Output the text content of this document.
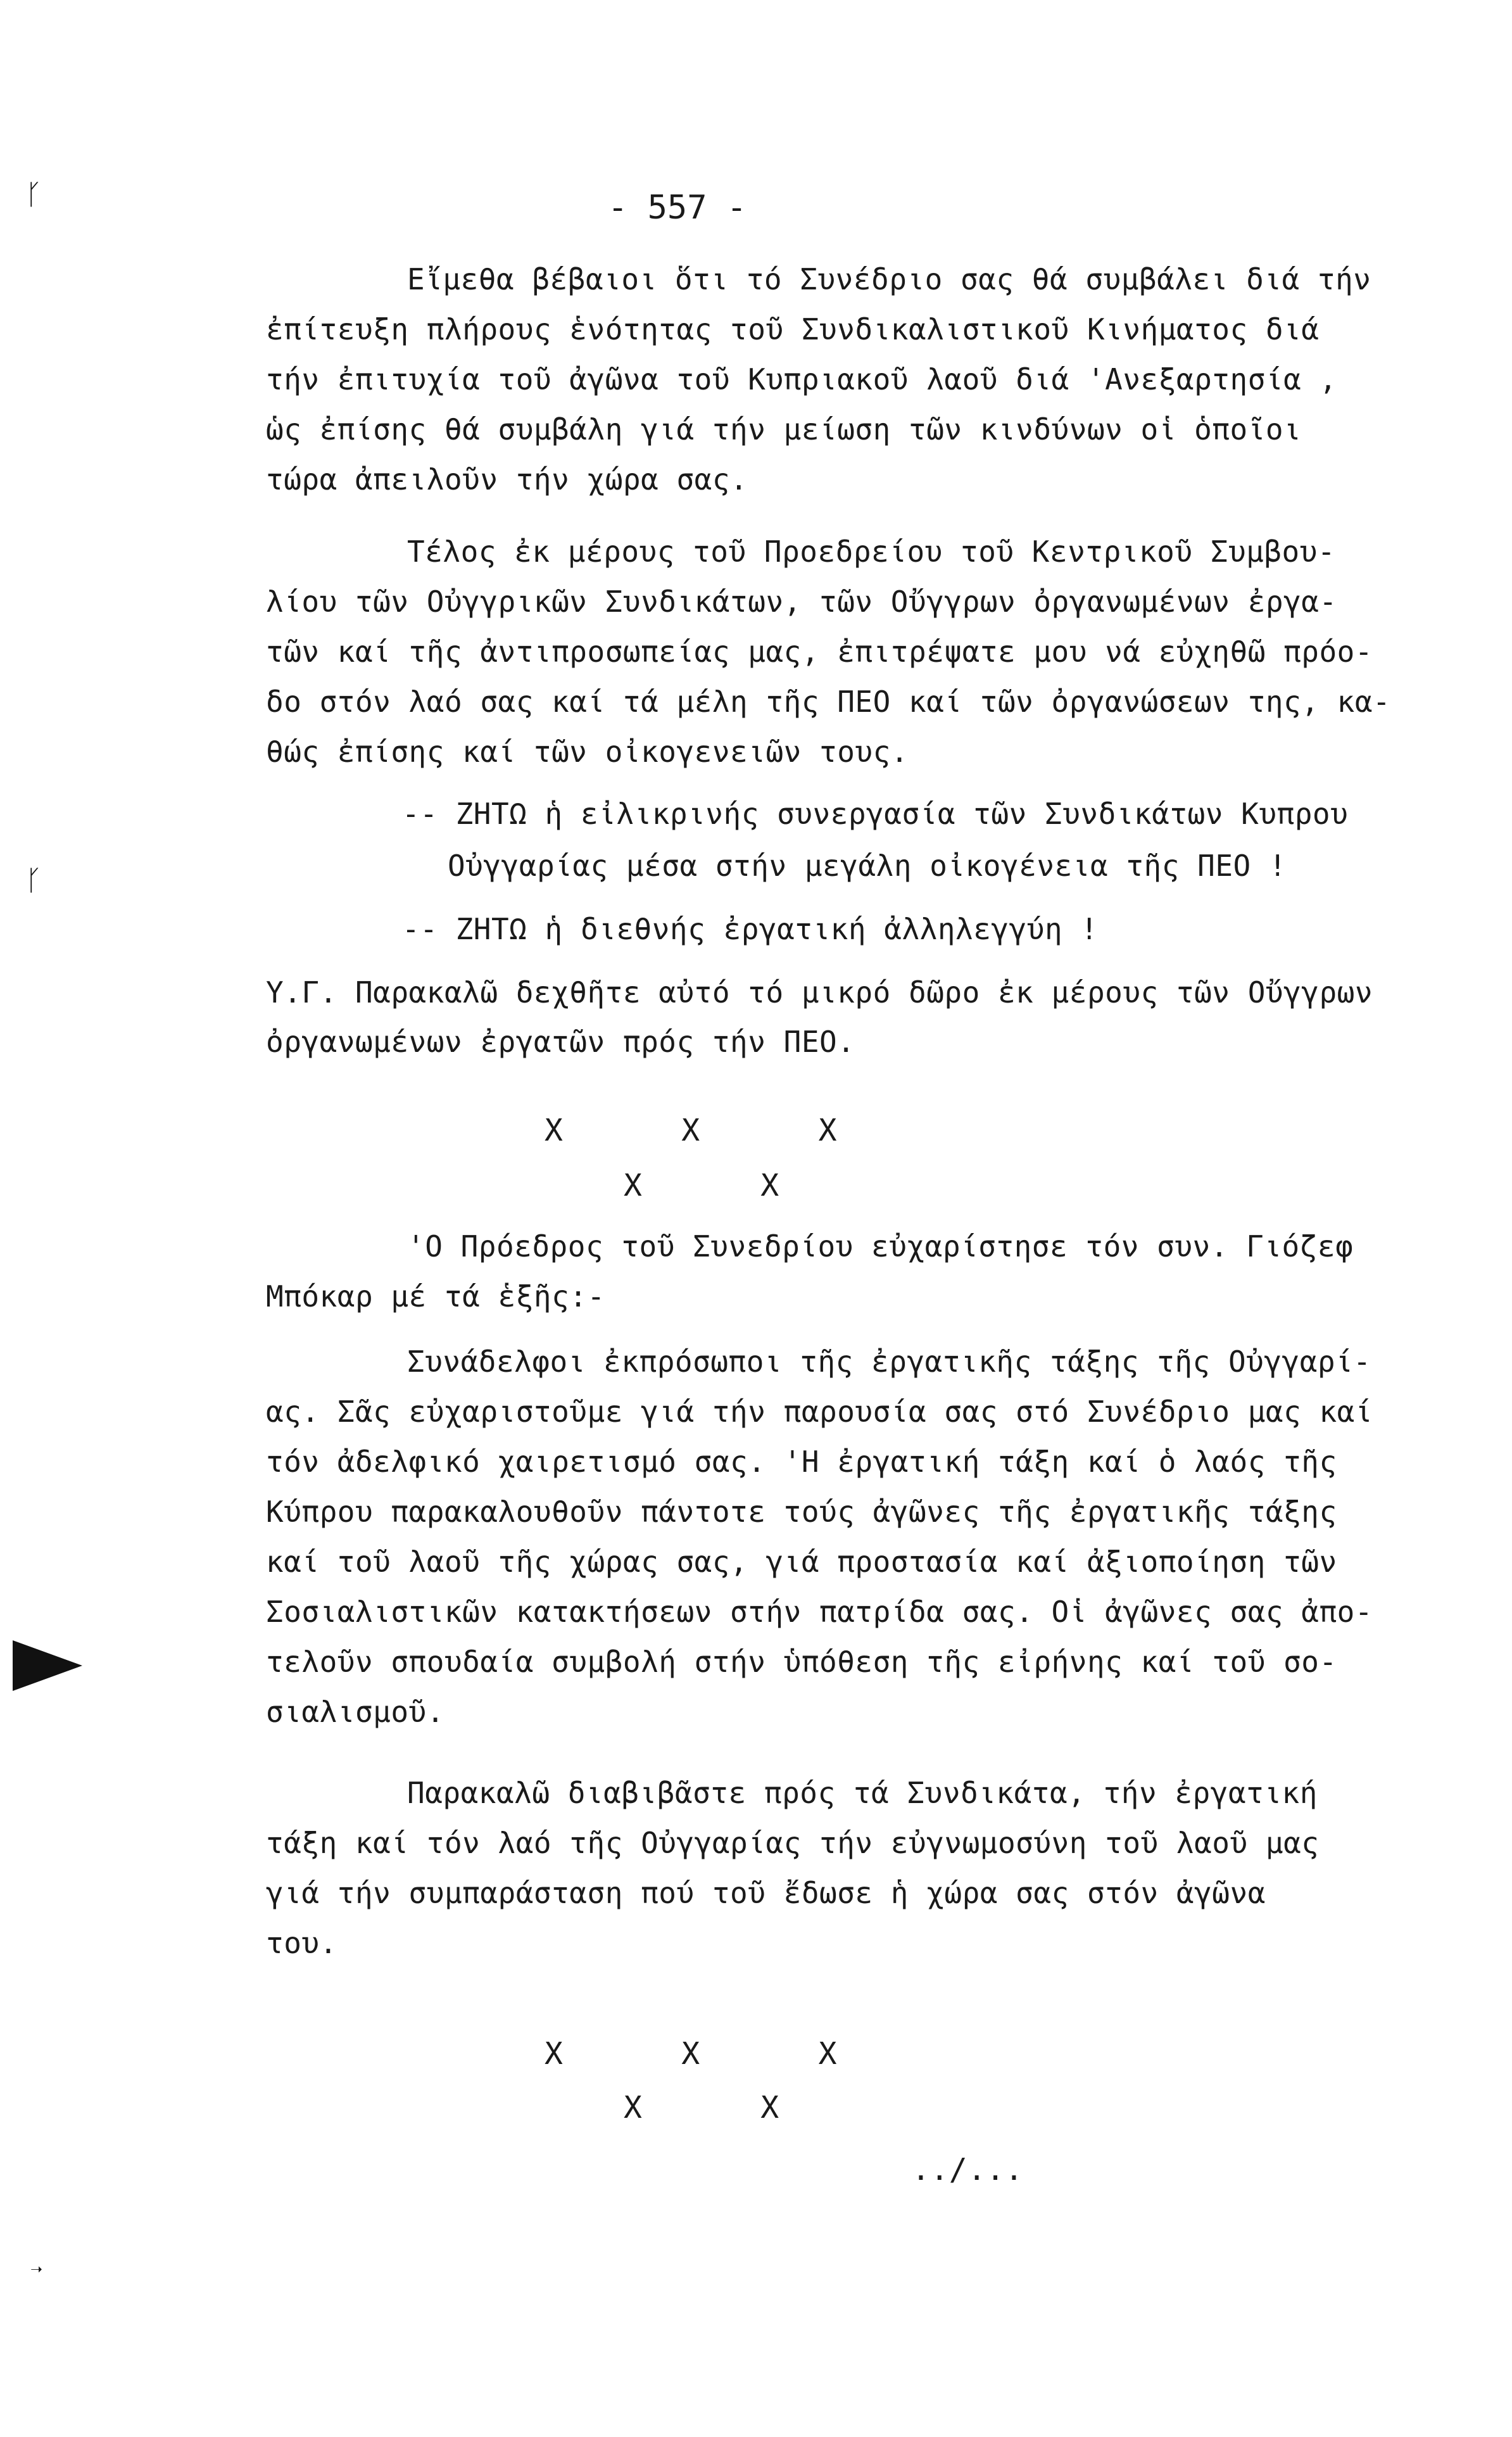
ᚴ
ᚴ
➝
- 557 -
Εἴμεθα βέβαιοι ὅτι τό Συνέδριο σας θά συμβάλει διά τήν
ἐπίτευξη πλήρους ἑνότητας τοῦ Συνδικαλιστικοῦ Κινήματος διά
τήν ἐπιτυχία τοῦ ἀγῶνα τοῦ Κυπριακοῦ λαοῦ διά 'Ανεξαρτησία ,
ὡς ἐπίσης θά συμβάλη γιά τήν μείωση τῶν κινδύνων οἱ ὁποῖοι
τώρα ἀπειλοῦν τήν χώρα σας.
Τέλος ἐκ μέρους τοῦ Προεδρείου τοῦ Κεντρικοῦ Συμβου-
λίου τῶν Οὐγγρικῶν Συνδικάτων, τῶν Οὔγγρων ὀργανωμένων ἐργα-
τῶν καί τῆς ἀντιπροσωπείας μας, ἐπιτρέψατε μου νά εὐχηθῶ πρόο-
δο στόν λαό σας καί τά μέλη τῆς ΠΕΟ καί τῶν ὀργανώσεων της, κα-
θώς ἐπίσης καί τῶν οἰκογενειῶν τους.
-- ΖΗΤΩ ἡ εἰλικρινής συνεργασία τῶν Συνδικάτων Κυπρου
Οὐγγαρίας μέσα στήν μεγάλη οἰκογένεια τῆς ΠΕΟ !
-- ΖΗΤΩ ἡ διεθνής ἐργατική ἀλληλεγγύη !
Υ.Γ. Παρακαλῶ δεχθῆτε αὐτό τό μικρό δῶρο ἐκ μέρους τῶν Οὔγγρων
ὀργανωμένων ἐργατῶν πρός τήν ΠΕΟ.
X      X      X
X      X
'Ο Πρόεδρος τοῦ Συνεδρίου εὐχαρίστησε τόν συν. Γιόζεφ
Μπόκαρ μέ τά ἑξῆς:-
Συνάδελφοι ἐκπρόσωποι τῆς ἐργατικῆς τάξης τῆς Οὐγγαρί-
ας. Σᾶς εὐχαριστοῦμε γιά τήν παρουσία σας στό Συνέδριο μας καί
τόν ἀδελφικό χαιρετισμό σας. 'Η ἐργατική τάξη καί ὁ λαός τῆς
Κύπρου παρακαλουθοῦν πάντοτε τούς ἀγῶνες τῆς ἐργατικῆς τάξης
καί τοῦ λαοῦ τῆς χώρας σας, γιά προστασία καί ἀξιοποίηση τῶν
Σοσιαλιστικῶν κατακτήσεων στήν πατρίδα σας. Οἱ ἀγῶνες σας ἀπο-
τελοῦν σπουδαία συμβολή στήν ὑπόθεση τῆς εἰρήνης καί τοῦ σο-
σιαλισμοῦ.
Παρακαλῶ διαβιβᾶστε πρός τά Συνδικάτα, τήν ἐργατική
τάξη καί τόν λαό τῆς Οὐγγαρίας τήν εὐγνωμοσύνη τοῦ λαοῦ μας
γιά τήν συμπαράσταση πού τοῦ ἔδωσε ἡ χώρα σας στόν ἀγῶνα
του.
X      X      X
X      X
../...
